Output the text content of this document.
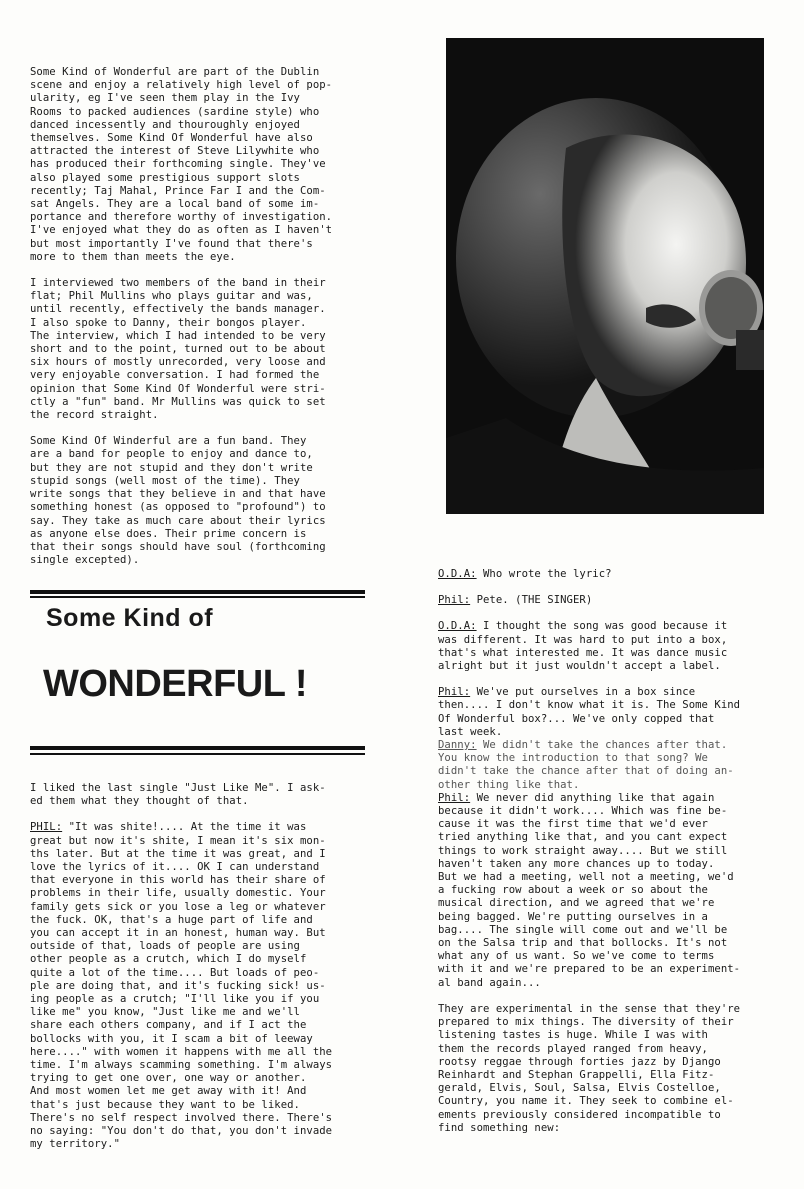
Some Kind of Wonderful are part of the Dublin
scene and enjoy a relatively high level of pop-
ularity, eg I've seen them play in the Ivy
Rooms to packed audiences (sardine style) who
danced incessently and thouroughly enjoyed
themselves. Some Kind Of Wonderful have also
attracted the interest of Steve Lilywhite who
has produced their forthcoming single. They've
also played some prestigious support slots
recently; Taj Mahal, Prince Far I and the Com-
sat Angels. They are a local band of some im-
portance and therefore worthy of investigation.
I've enjoyed what they do as often as I haven't
but most importantly I've found that there's
more to them than meets the eye.

I interviewed two members of the band in their
flat; Phil Mullins who plays guitar and was,
until recently, effectively the bands manager.
I also spoke to Danny, their bongos player.
The interview, which I had intended to be very
short and to the point, turned out to be about
six hours of mostly unrecorded, very loose and
very enjoyable conversation. I had formed the
opinion that Some Kind Of Wonderful were stri-
ctly a "fun" band. Mr Mullins was quick to set
the record straight.

Some Kind Of Winderful are a fun band. They
are a band for people to enjoy and dance to,
but they are not stupid and they don't write
stupid songs (well most of the time). They
write songs that they believe in and that have
something honest (as opposed to "profound") to
say. They take as much care about their lyrics
as anyone else does. Their prime concern is
that their songs should have soul (forthcoming
single excepted).

Some Kind of
WONDERFUL !

I liked the last single "Just Like Me". I ask-
ed them what they thought of that.

PHIL: "It was shite!.... At the time it was
great but now it's shite, I mean it's six mon-
ths later. But at the time it was great, and I
love the lyrics of it.... OK I can understand
that everyone in this world has their share of
problems in their life, usually domestic. Your
family gets sick or you lose a leg or whatever
the fuck. OK, that's a huge part of life and
you can accept it in an honest, human way. But
outside of that, loads of people are using
other people as a crutch, which I do myself
quite a lot of the time.... But loads of peo-
ple are doing that, and it's fucking sick! us-
ing people as a crutch; "I'll like you if you
like me" you know, "Just like me and we'll
share each others company, and if I act the
bollocks with you, it I scam a bit of leeway
here...." with women it happens with me all the
time. I'm always scamming something. I'm always
trying to get one over, one way or another.
And most women let me get away with it! And
that's just because they want to be liked.
There's no self respect involved there. There's
no saying: "You don't do that, you don't invade
my territory."

O.D.A: Who wrote the lyric?

Phil: Pete. (THE SINGER)

O.D.A: I thought the song was good because it
was different. It was hard to put into a box,
that's what interested me. It was dance music
alright but it just wouldn't accept a label.

Phil: We've put ourselves in a box since
then.... I don't know what it is. The Some Kind
Of Wonderful box?... We've only copped that
last week.

Danny: We didn't take the chances after that.
You know the introduction to that song? We
didn't take the chance after that of doing an-
other thing like that.

Phil: We never did anything like that again
because it didn't work.... Which was fine be-
cause it was the first time that we'd ever
tried anything like that, and you cant expect
things to work straight away.... But we still
haven't taken any more chances up to today.
But we had a meeting, well not a meeting, we'd
a fucking row about a week or so about the
musical direction, and we agreed that we're
being bagged. We're putting ourselves in a
bag.... The single will come out and we'll be
on the Salsa trip and that bollocks. It's not
what any of us want. So we've come to terms
with it and we're prepared to be an experiment-
al band again...

They are experimental in the sense that they're
prepared to mix things. The diversity of their
listening tastes is huge. While I was with
them the records played ranged from heavy,
rootsy reggae through forties jazz by Django
Reinhardt and Stephan Grappelli, Ella Fitz-
gerald, Elvis, Soul, Salsa, Elvis Costelloe,
Country, you name it. They seek to combine el-
ements previously considered incompatible to
find something new:
